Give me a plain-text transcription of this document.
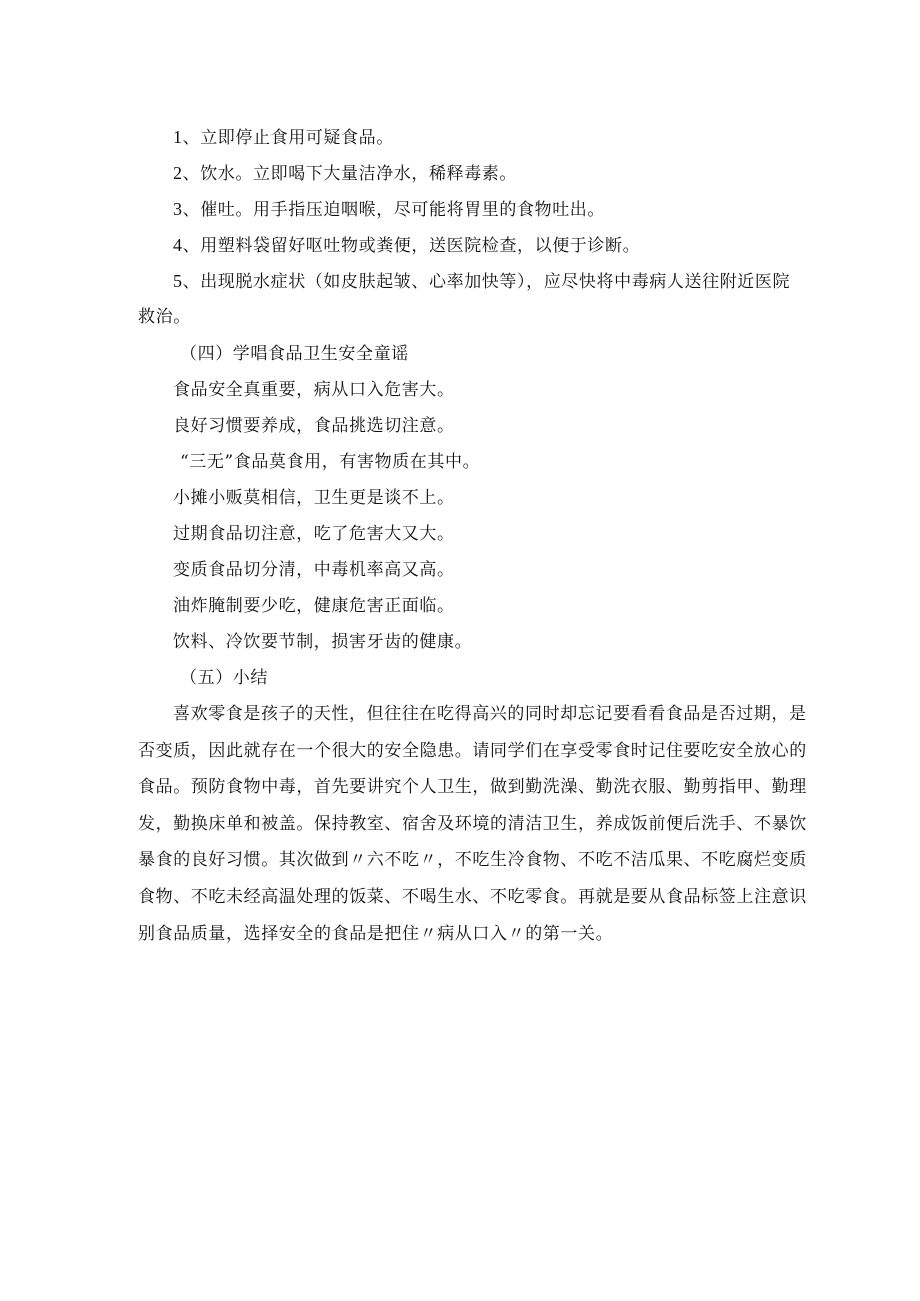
1、立即停止食用可疑食品。
2、饮水。立即喝下大量洁净水，稀释毒素。
3、催吐。用手指压迫咽喉，尽可能将胃里的食物吐出。
4、用塑料袋留好呕吐物或粪便，送医院检查，以便于诊断。
5、出现脱水症状（如皮肤起皱、心率加快等），应尽快将中毒病人送往附近医院
救治。
（四）学唱食品卫生安全童谣
食品安全真重要，病从口入危害大。
良好习惯要养成，食品挑选切注意。
“三无”食品莫食用，有害物质在其中。
小摊小贩莫相信，卫生更是谈不上。
过期食品切注意，吃了危害大又大。
变质食品切分清，中毒机率高又高。
油炸腌制要少吃，健康危害正面临。
饮料、冷饮要节制，损害牙齿的健康。
（五）小结
喜欢零食是孩子的天性，但往往在吃得高兴的同时却忘记要看看食品是否过期，是
否变质，因此就存在一个很大的安全隐患。请同学们在享受零食时记住要吃安全放心的
食品。预防食物中毒，首先要讲究个人卫生，做到勤洗澡、勤洗衣服、勤剪指甲、勤理
发，勤换床单和被盖。保持教室、宿舍及环境的清洁卫生，养成饭前便后洗手、不暴饮
暴食的良好习惯。其次做到〃六不吃〃，不吃生冷食物、不吃不洁瓜果、不吃腐烂变质
食物、不吃未经高温处理的饭菜、不喝生水、不吃零食。再就是要从食品标签上注意识
别食品质量，选择安全的食品是把住〃病从口入〃的第一关。
